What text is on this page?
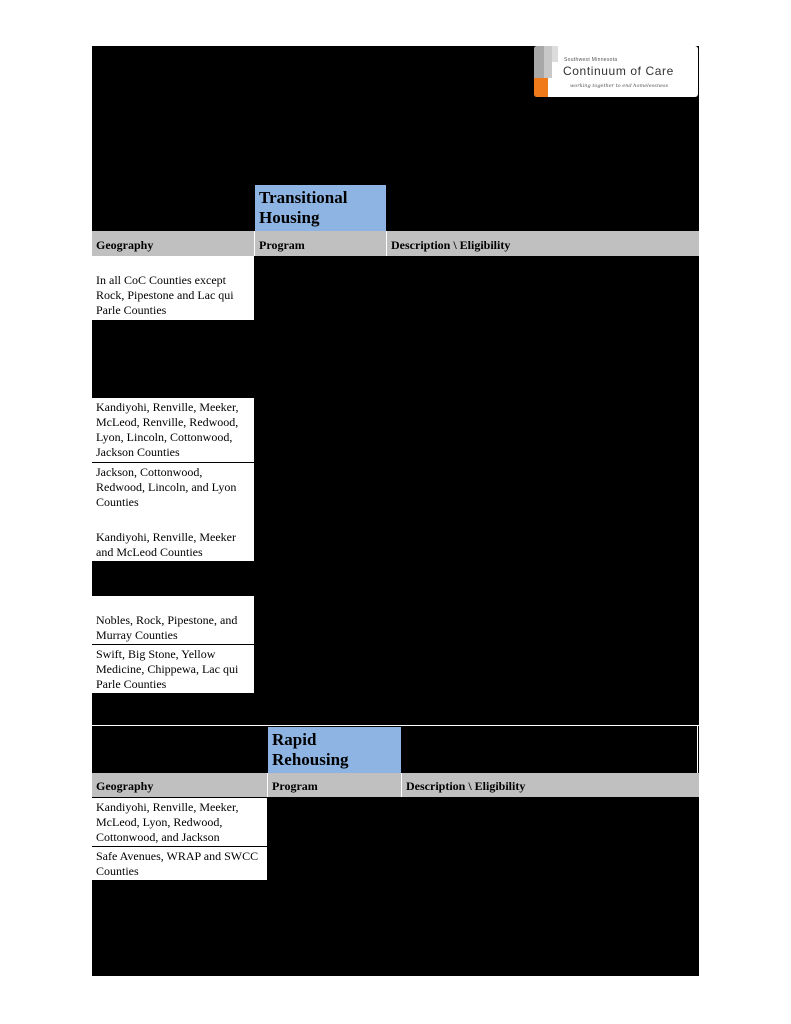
Southwest Minnesota
Continuum of Care
working together to end homelessness
Transitional
Housing
Geography	Program	Description \ Eligibility
In all CoC Counties except Rock, Pipestone and Lac qui Parle Counties
Kandiyohi, Renville, Meeker, McLeod, Renville, Redwood, Lyon, Lincoln, Cottonwood, Jackson Counties
Jackson, Cottonwood, Redwood, Lincoln, and Lyon Counties
Kandiyohi, Renville, Meeker and McLeod Counties
Nobles, Rock, Pipestone, and Murray Counties
Swift, Big Stone, Yellow Medicine, Chippewa, Lac qui Parle Counties
Rapid
Rehousing
Geography	Program	Description \ Eligibility
Kandiyohi, Renville, Meeker, McLeod, Lyon, Redwood, Cottonwood, and Jackson
Safe Avenues, WRAP and SWCC Counties
